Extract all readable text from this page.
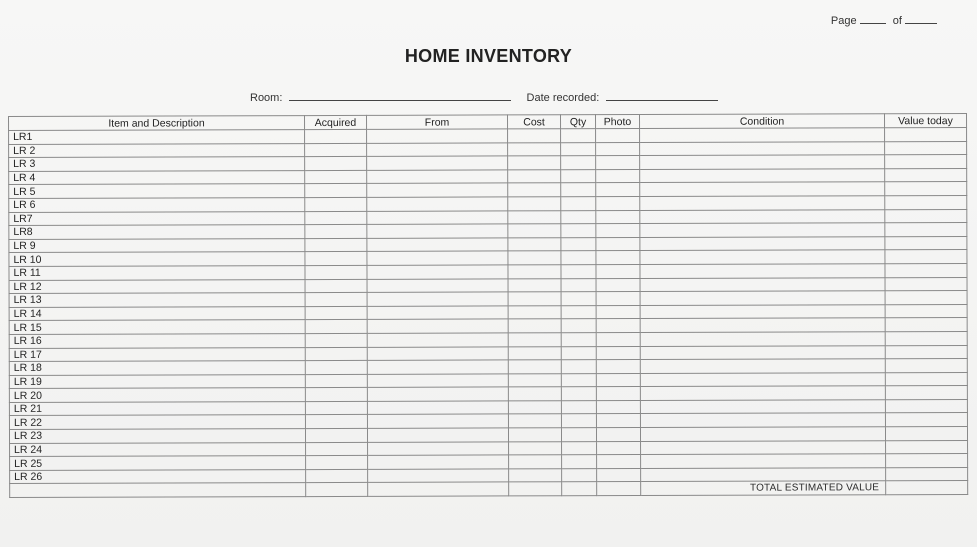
Page	of
HOME INVENTORY
Room:	Date recorded:
Item and Description	Acquired	From	Cost	Qty	Photo	Condition	Value today
LR1							
LR 2							
LR 3							
LR 4							
LR 5							
LR 6							
LR7							
LR8							
LR 9							
LR 10							
LR 11							
LR 12							
LR 13							
LR 14							
LR 15							
LR 16							
LR 17							
LR 18							
LR 19							
LR 20							
LR 21							
LR 22							
LR 23							
LR 24							
LR 25							
LR 26							
						TOTAL ESTIMATED VALUE	
